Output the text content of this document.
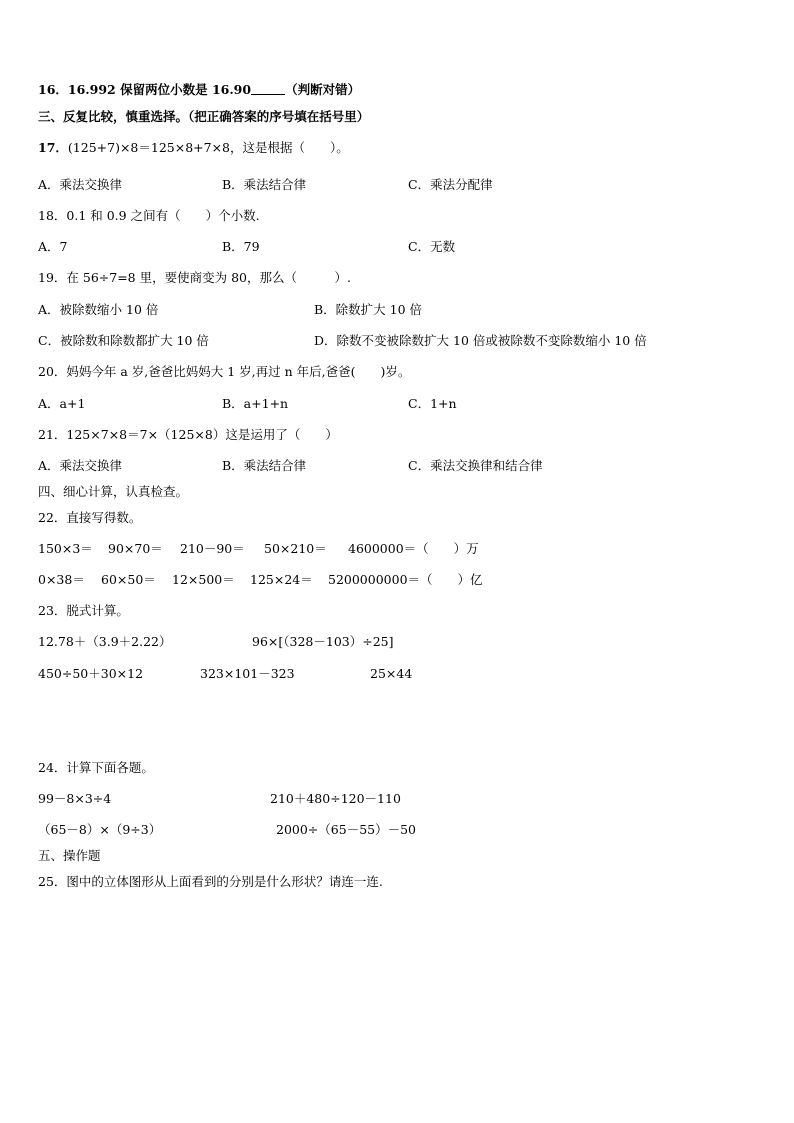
16．16.992 保留两位小数是 16.90	（判断对错）
三、反复比较，慎重选择。（把正确答案的序号填在括号里）
17．(125+7)×8＝125×8+7×8，这是根据（　　）。
A．乘法交换律	B．乘法结合律	C．乘法分配律
18．0.1 和 0.9 之间有（　　）个小数.
A．7	B．79	C．无数
19．在 56÷7=8 里，要使商变为 80，那么（　　　）.
A．被除数缩小 10 倍	B．除数扩大 10 倍
C．被除数和除数都扩大 10 倍	D．除数不变被除数扩大 10 倍或被除数不变除数缩小 10 倍
20．妈妈今年 a 岁,爸爸比妈妈大 1 岁,再过 n 年后,爸爸(　　)岁。
A．a+1	B．a+1+n	C．1+n
21．125×7×8＝7×（125×8）这是运用了（　　）
A．乘法交换律	B．乘法结合律	C．乘法交换律和结合律
四、细心计算，认真检查。
22．直接写得数。
150×3＝ 90×70＝ 210－90＝ 50×210＝ 4600000＝（　　）万
0×38＝ 60×50＝ 12×500＝ 125×24＝ 5200000000＝（　　）亿
23．脱式计算。
12.78＋（3.9＋2.22）	96×[（328－103）÷25]
450÷50＋30×12	323×101－323	25×44
24．计算下面各题。
99－8×3÷4	210＋480÷120－110
（65－8）×（9÷3）	2000÷（65－55）－50
五、操作题
25．图中的立体图形从上面看到的分别是什么形状？请连一连.
